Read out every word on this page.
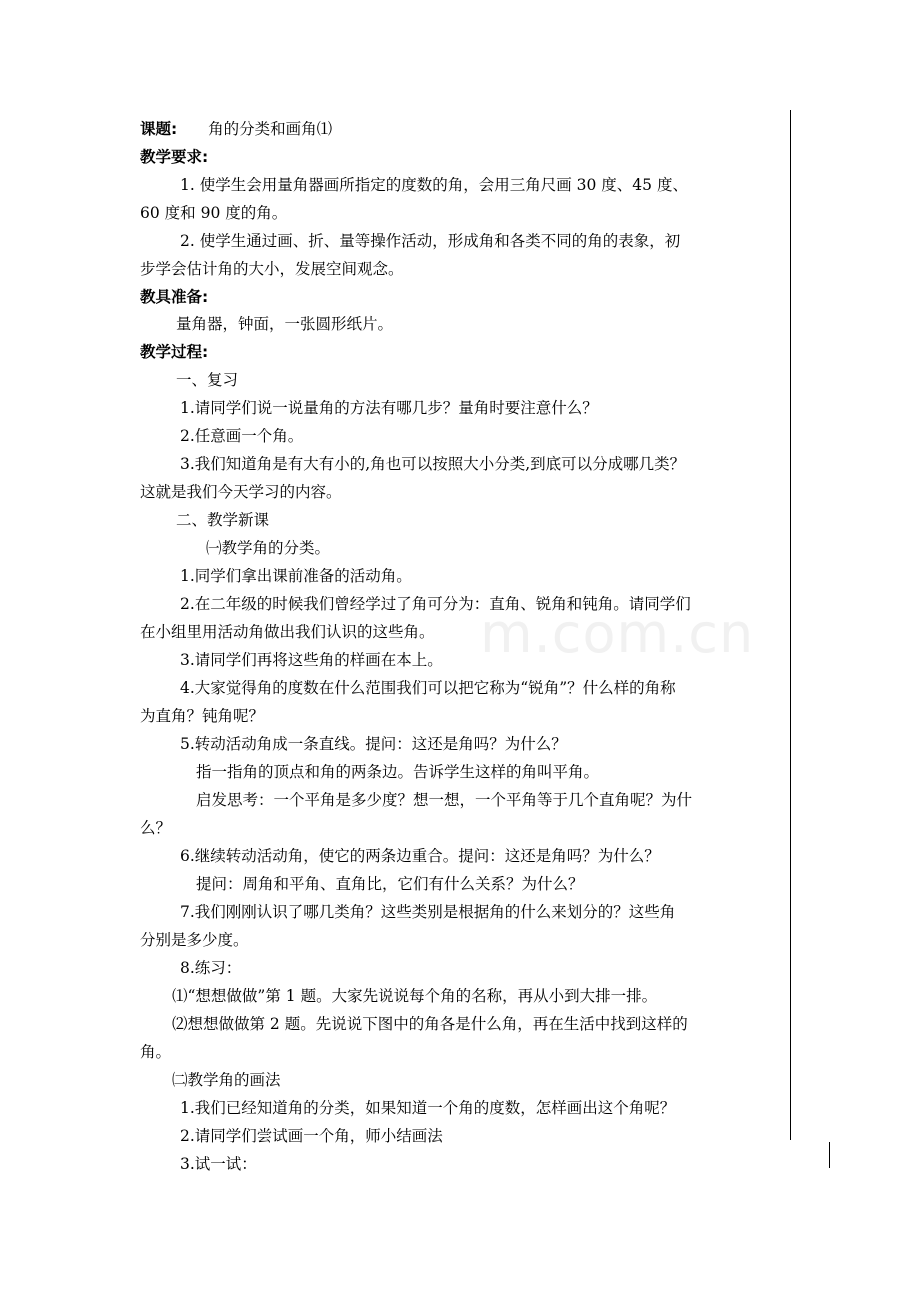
m.com.cn
课题: 角的分类和画角⑴
教学要求:
1. 使学生会用量角器画所指定的度数的角，会用三角尺画 30 度、45 度、
60 度和 90 度的角。
2. 使学生通过画、折、量等操作活动，形成角和各类不同的角的表象，初
步学会估计角的大小，发展空间观念。
教具准备:
量角器，钟面，一张圆形纸片。
教学过程:
一、复习
1.请同学们说一说量角的方法有哪几步？量角时要注意什么？
2.任意画一个角。
3.我们知道角是有大有小的,角也可以按照大小分类,到底可以分成哪几类？
这就是我们今天学习的内容。
二、教学新课
㈠教学角的分类。
1.同学们拿出课前准备的活动角。
2.在二年级的时候我们曾经学过了角可分为：直角、锐角和钝角。请同学们
在小组里用活动角做出我们认识的这些角。
3.请同学们再将这些角的样画在本上。
4.大家觉得角的度数在什么范围我们可以把它称为“锐角”？什么样的角称
为直角？钝角呢？
5.转动活动角成一条直线。提问：这还是角吗？为什么？
指一指角的顶点和角的两条边。告诉学生这样的角叫平角。
启发思考：一个平角是多少度？想一想，一个平角等于几个直角呢？为什
么？
6.继续转动活动角，使它的两条边重合。提问：这还是角吗？为什么？
提问：周角和平角、直角比，它们有什么关系？为什么？
7.我们刚刚认识了哪几类角？这些类别是根据角的什么来划分的？这些角
分别是多少度。
8.练习：
⑴“想想做做”第 1 题。大家先说说每个角的名称，再从小到大排一排。
⑵想想做做第 2 题。先说说下图中的角各是什么角，再在生活中找到这样的
角。
㈡教学角的画法
1.我们已经知道角的分类，如果知道一个角的度数，怎样画出这个角呢？
2.请同学们尝试画一个角，师小结画法
3.试一试：
